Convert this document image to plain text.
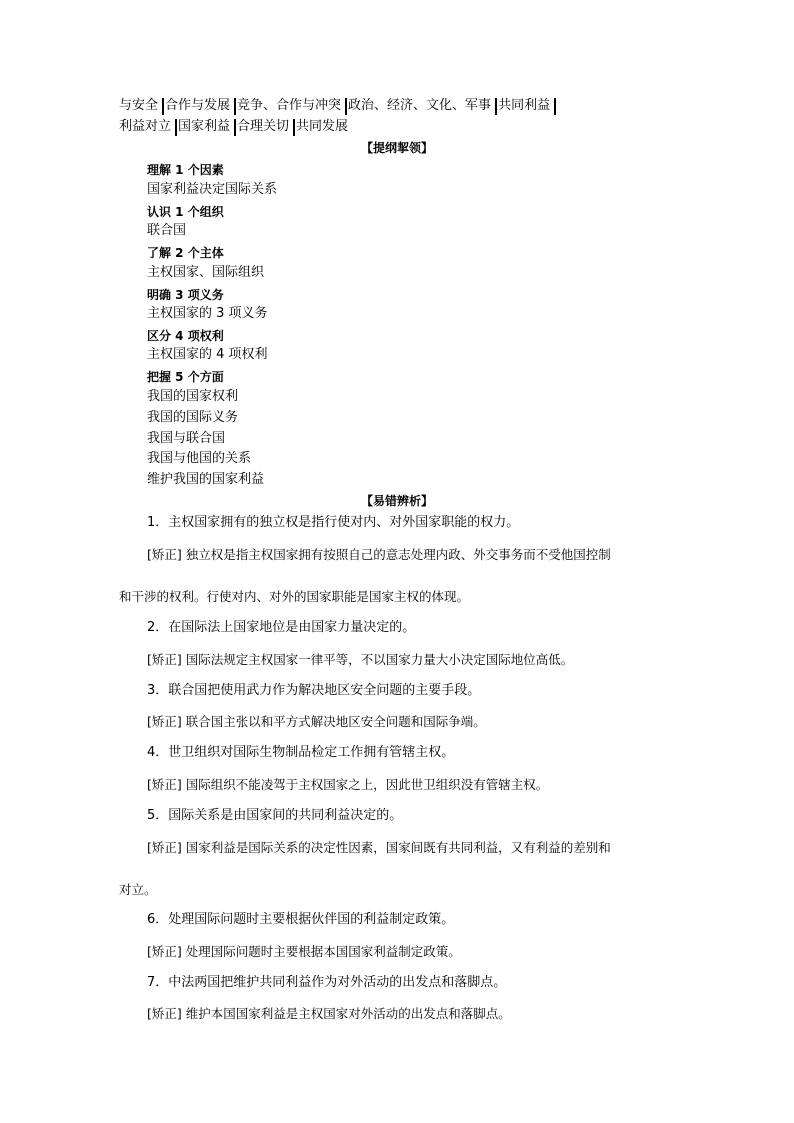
与安全 合作与发展 竞争、合作与冲突 政治、经济、文化、军事 共同利益
利益对立 国家利益 合理关切 共同发展
【提纲挈领】
理解 1 个因素
国家利益决定国际关系
认识 1 个组织
联合国
了解 2 个主体
主权国家、国际组织
明确 3 项义务
主权国家的 3 项义务
区分 4 项权利
主权国家的 4 项权利
把握 5 个方面
我国的国家权利
我国的国际义务
我国与联合国
我国与他国的关系
维护我国的国家利益
【易错辨析】
1．主权国家拥有的独立权是指行使对内、对外国家职能的权力。
[矫正] 独立权是指主权国家拥有按照自己的意志处理内政、外交事务而不受他国控制
和干涉的权利。行使对内、对外的国家职能是国家主权的体现。
2．在国际法上国家地位是由国家力量决定的。
[矫正] 国际法规定主权国家一律平等，不以国家力量大小决定国际地位高低。
3．联合国把使用武力作为解决地区安全问题的主要手段。
[矫正] 联合国主张以和平方式解决地区安全问题和国际争端。
4．世卫组织对国际生物制品检定工作拥有管辖主权。
[矫正] 国际组织不能凌驾于主权国家之上，因此世卫组织没有管辖主权。
5．国际关系是由国家间的共同利益决定的。
[矫正] 国家利益是国际关系的决定性因素，国家间既有共同利益，又有利益的差别和
对立。
6．处理国际问题时主要根据伙伴国的利益制定政策。
[矫正] 处理国际问题时主要根据本国国家利益制定政策。
7．中法两国把维护共同利益作为对外活动的出发点和落脚点。
[矫正] 维护本国国家利益是主权国家对外活动的出发点和落脚点。
